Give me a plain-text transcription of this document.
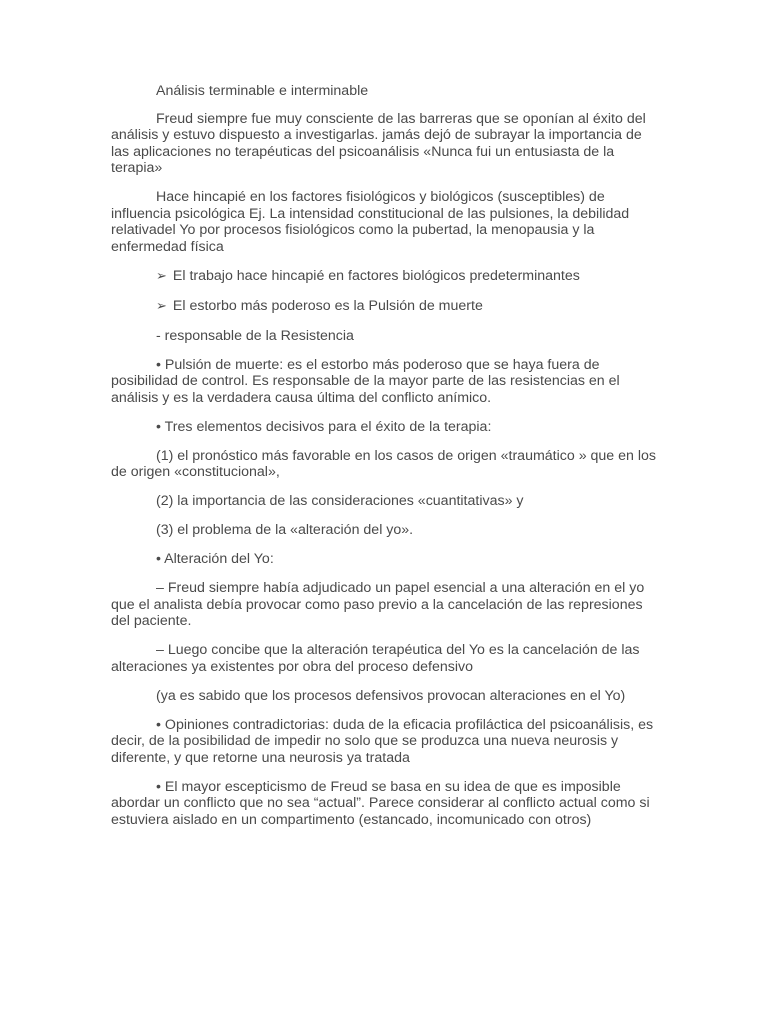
Análisis terminable e interminable

Freud siempre fue muy consciente de las barreras que se oponían al éxito del análisis y estuvo dispuesto a investigarlas. jamás dejó de subrayar la importancia de las aplicaciones no terapéuticas del psicoanálisis «Nunca fui un entusiasta de la terapia»

Hace hincapié en los factores fisiológicos y biológicos (susceptibles) de influencia psicológica Ej. La intensidad constitucional de las pulsiones, la debilidad relativadel Yo por procesos fisiológicos como la pubertad, la menopausia y la enfermedad física

➢ El trabajo hace hincapié en factores biológicos predeterminantes

➢ El estorbo más poderoso es la Pulsión de muerte

- responsable de la Resistencia

• Pulsión de muerte: es el estorbo más poderoso que se haya fuera de posibilidad de control. Es responsable de la mayor parte de las resistencias en el análisis y es la verdadera causa última del conflicto anímico.

• Tres elementos decisivos para el éxito de la terapia:

(1) el pronóstico más favorable en los casos de origen «traumático » que en los de origen «constitucional»,

(2) la importancia de las consideraciones «cuantitativas» y

(3) el problema de la «alteración del yo».

• Alteración del Yo:

– Freud siempre había adjudicado un papel esencial a una alteración en el yo que el analista debía provocar como paso previo a la cancelación de las represiones del paciente.

– Luego concibe que la alteración terapéutica del Yo es la cancelación de las alteraciones ya existentes por obra del proceso defensivo

(ya es sabido que los procesos defensivos provocan alteraciones en el Yo)

• Opiniones contradictorias: duda de la eficacia profiláctica del psicoanálisis, es decir, de la posibilidad de impedir no solo que se produzca una nueva neurosis y diferente, y que retorne una neurosis ya tratada

• El mayor escepticismo de Freud se basa en su idea de que es imposible abordar un conflicto que no sea “actual”. Parece considerar al conflicto actual como si estuviera aislado en un compartimento (estancado, incomunicado con otros)
